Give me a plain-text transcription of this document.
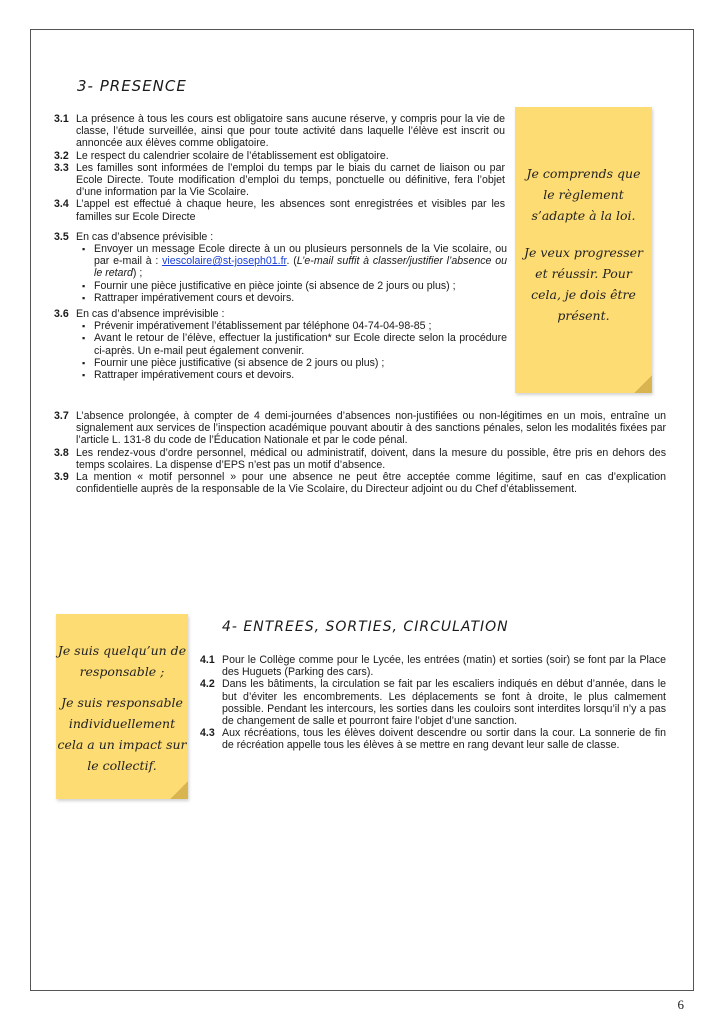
3- PRESENCE

3.1 La présence à tous les cours est obligatoire sans aucune réserve, y compris pour la vie de classe, l’étude surveillée, ainsi que pour toute activité dans laquelle l’élève est inscrit ou annoncée aux élèves comme obligatoire.

3.2 Le respect du calendrier scolaire de l’établissement est obligatoire.

3.3 Les familles sont informées de l’emploi du temps par le biais du carnet de liaison ou par Ecole Directe. Toute modification d’emploi du temps, ponctuelle ou définitive, fera l’objet d’une information par la Vie Scolaire.

3.4 L’appel est effectué à chaque heure, les absences sont enregistrées et visibles par les familles sur Ecole Directe

3.5 En cas d’absence prévisible :

▪ Envoyer un message Ecole directe à un ou plusieurs personnels de la Vie scolaire, ou par e-mail à : viescolaire@st-joseph01.fr. (L’e-mail suffit à classer/justifier l’absence ou le retard) ;
▪ Fournir une pièce justificative en pièce jointe (si absence de 2 jours ou plus) ;
▪ Rattraper impérativement cours et devoirs.

3.6 En cas d’absence imprévisible :

▪ Prévenir impérativement l’établissement par téléphone 04-74-04-98-85 ;
▪ Avant le retour de l’élève, effectuer la justification* sur Ecole directe selon la procédure ci-après. Un e-mail peut également convenir.
▪ Fournir une pièce justificative (si absence de 2 jours ou plus) ;
▪ Rattraper impérativement cours et devoirs.

3.7 L’absence prolongée, à compter de 4 demi-journées d’absences non-justifiées ou non-légitimes en un mois, entraîne un signalement aux services de l’inspection académique pouvant aboutir à des sanctions pénales, selon les modalités fixées par l’article L. 131-8 du code de l’Éducation Nationale et par le code pénal.

3.8 Les rendez-vous d’ordre personnel, médical ou administratif, doivent, dans la mesure du possible, être pris en dehors des temps scolaires. La dispense d’EPS n’est pas un motif d’absence.

3.9 La mention « motif personnel » pour une absence ne peut être acceptée comme légitime, sauf en cas d’explication confidentielle auprès de la responsable de la Vie Scolaire, du Directeur adjoint ou du Chef d’établissement.

Je comprends que

le règlement

s’adapte à la loi.

Je veux progresser

et réussir. Pour

cela, je dois être

présent.

4- ENTREES, SORTIES, CIRCULATION

4.1 Pour le Collège comme pour le Lycée, les entrées (matin) et sorties (soir) se font par la Place des Huguets (Parking des cars).

4.2 Dans les bâtiments, la circulation se fait par les escaliers indiqués en début d’année, dans le but d’éviter les encombrements. Les déplacements se font à droite, le plus calmement possible. Pendant les intercours, les sorties dans les couloirs sont interdites lorsqu’il n’y a pas de changement de salle et pourront faire l’objet d’une sanction.

4.3 Aux récréations, tous les élèves doivent descendre ou sortir dans la cour. La sonnerie de fin de récréation appelle tous les élèves à se mettre en rang devant leur salle de classe.

Je suis quelqu’un de

responsable ;

Je suis responsable

individuellement

cela a un impact sur

le collectif.

6
